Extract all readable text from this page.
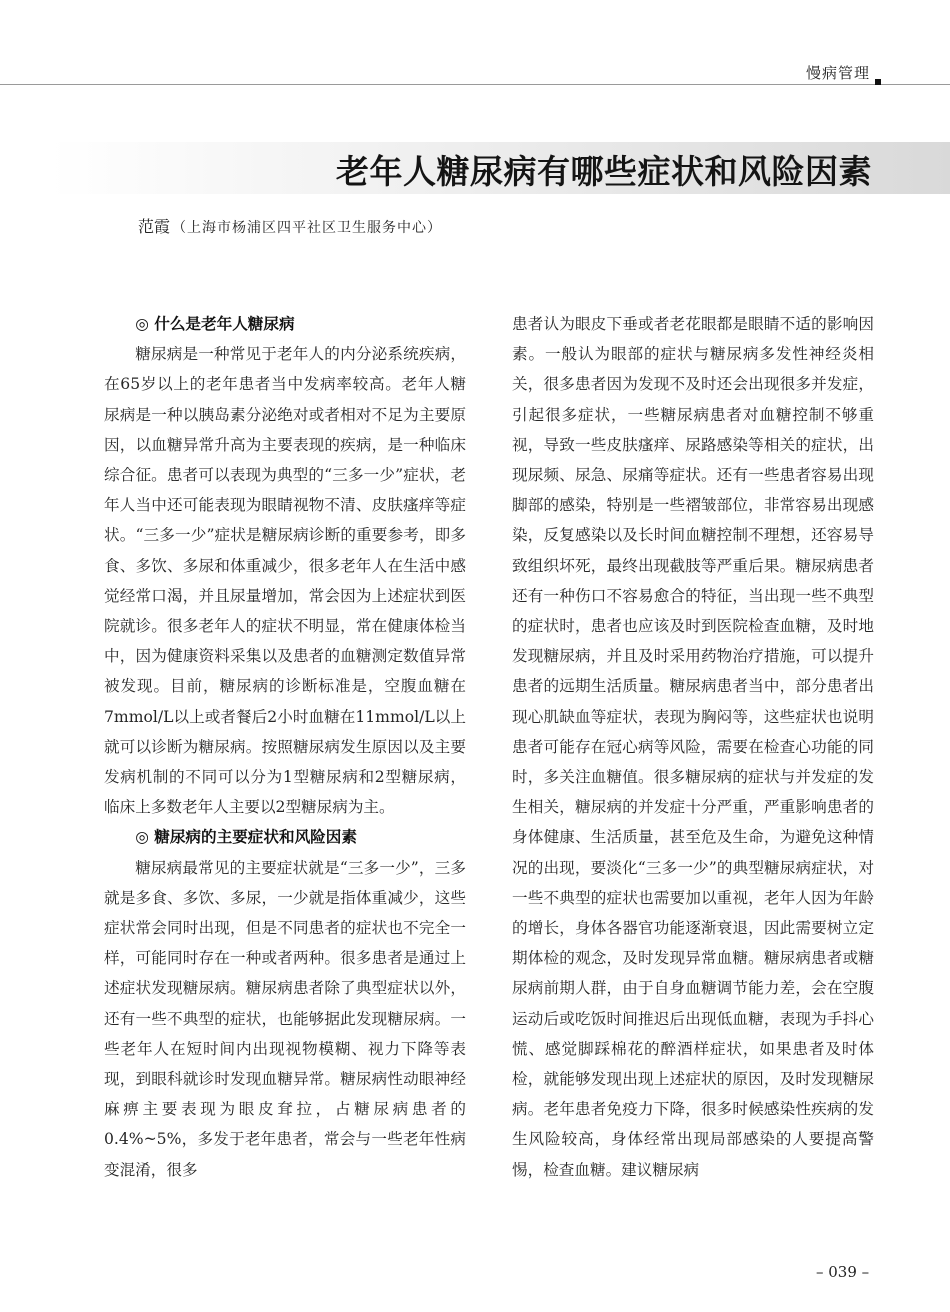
慢病管理
老年人糖尿病有哪些症状和风险因素
范霞 （上海市杨浦区四平社区卫生服务中心）
◎ 什么是老年人糖尿病

糖尿病是一种常见于老年人的内分泌系统疾病，在65岁以上的老年患者当中发病率较高。老年人糖尿病是一种以胰岛素分泌绝对或者相对不足为主要原因，以血糖异常升高为主要表现的疾病，是一种临床综合征。患者可以表现为典型的“三多一少”症状，老年人当中还可能表现为眼睛视物不清、皮肤瘙痒等症状。“三多一少”症状是糖尿病诊断的重要参考，即多食、多饮、多尿和体重减少，很多老年人在生活中感觉经常口渴，并且尿量增加，常会因为上述症状到医院就诊。很多老年人的症状不明显，常在健康体检当中，因为健康资料采集以及患者的血糖测定数值异常被发现。目前，糖尿病的诊断标准是，空腹血糖在7mmol/L以上或者餐后2小时血糖在11mmol/L以上就可以诊断为糖尿病。按照糖尿病发生原因以及主要发病机制的不同可以分为1型糖尿病和2型糖尿病，临床上多数老年人主要以2型糖尿病为主。

◎ 糖尿病的主要症状和风险因素

糖尿病最常见的主要症状就是“三多一少”，三多就是多食、多饮、多尿，一少就是指体重减少，这些症状常会同时出现，但是不同患者的症状也不完全一样，可能同时存在一种或者两种。很多患者是通过上述症状发现糖尿病。糖尿病患者除了典型症状以外，还有一些不典型的症状，也能够据此发现糖尿病。一些老年人在短时间内出现视物模糊、视力下降等表现，到眼科就诊时发现血糖异常。糖尿病性动眼神经麻痹主要表现为眼皮耷拉，占糖尿病患者的0.4%~5%，多发于老年患者，常会与一些老年性病变混淆，很多

患者认为眼皮下垂或者老花眼都是眼睛不适的影响因素。一般认为眼部的症状与糖尿病多发性神经炎相关，很多患者因为发现不及时还会出现很多并发症，引起很多症状，一些糖尿病患者对血糖控制不够重视，导致一些皮肤瘙痒、尿路感染等相关的症状，出现尿频、尿急、尿痛等症状。还有一些患者容易出现脚部的感染，特别是一些褶皱部位，非常容易出现感染，反复感染以及长时间血糖控制不理想，还容易导致组织坏死，最终出现截肢等严重后果。糖尿病患者还有一种伤口不容易愈合的特征，当出现一些不典型的症状时，患者也应该及时到医院检查血糖，及时地发现糖尿病，并且及时采用药物治疗措施，可以提升患者的远期生活质量。糖尿病患者当中，部分患者出现心肌缺血等症状，表现为胸闷等，这些症状也说明患者可能存在冠心病等风险，需要在检查心功能的同时，多关注血糖值。很多糖尿病的症状与并发症的发生相关，糖尿病的并发症十分严重，严重影响患者的身体健康、生活质量，甚至危及生命，为避免这种情况的出现，要淡化“三多一少”的典型糖尿病症状，对一些不典型的症状也需要加以重视，老年人因为年龄的增长，身体各器官功能逐渐衰退，因此需要树立定期体检的观念，及时发现异常血糖。糖尿病患者或糖尿病前期人群，由于自身血糖调节能力差，会在空腹运动后或吃饭时间推迟后出现低血糖，表现为手抖心慌、感觉脚踩棉花的醉酒样症状，如果患者及时体检，就能够发现出现上述症状的原因，及时发现糖尿病。老年患者免疫力下降，很多时候感染性疾病的发生风险较高，身体经常出现局部感染的人要提高警惕，检查血糖。建议糖尿病

– 039 –
